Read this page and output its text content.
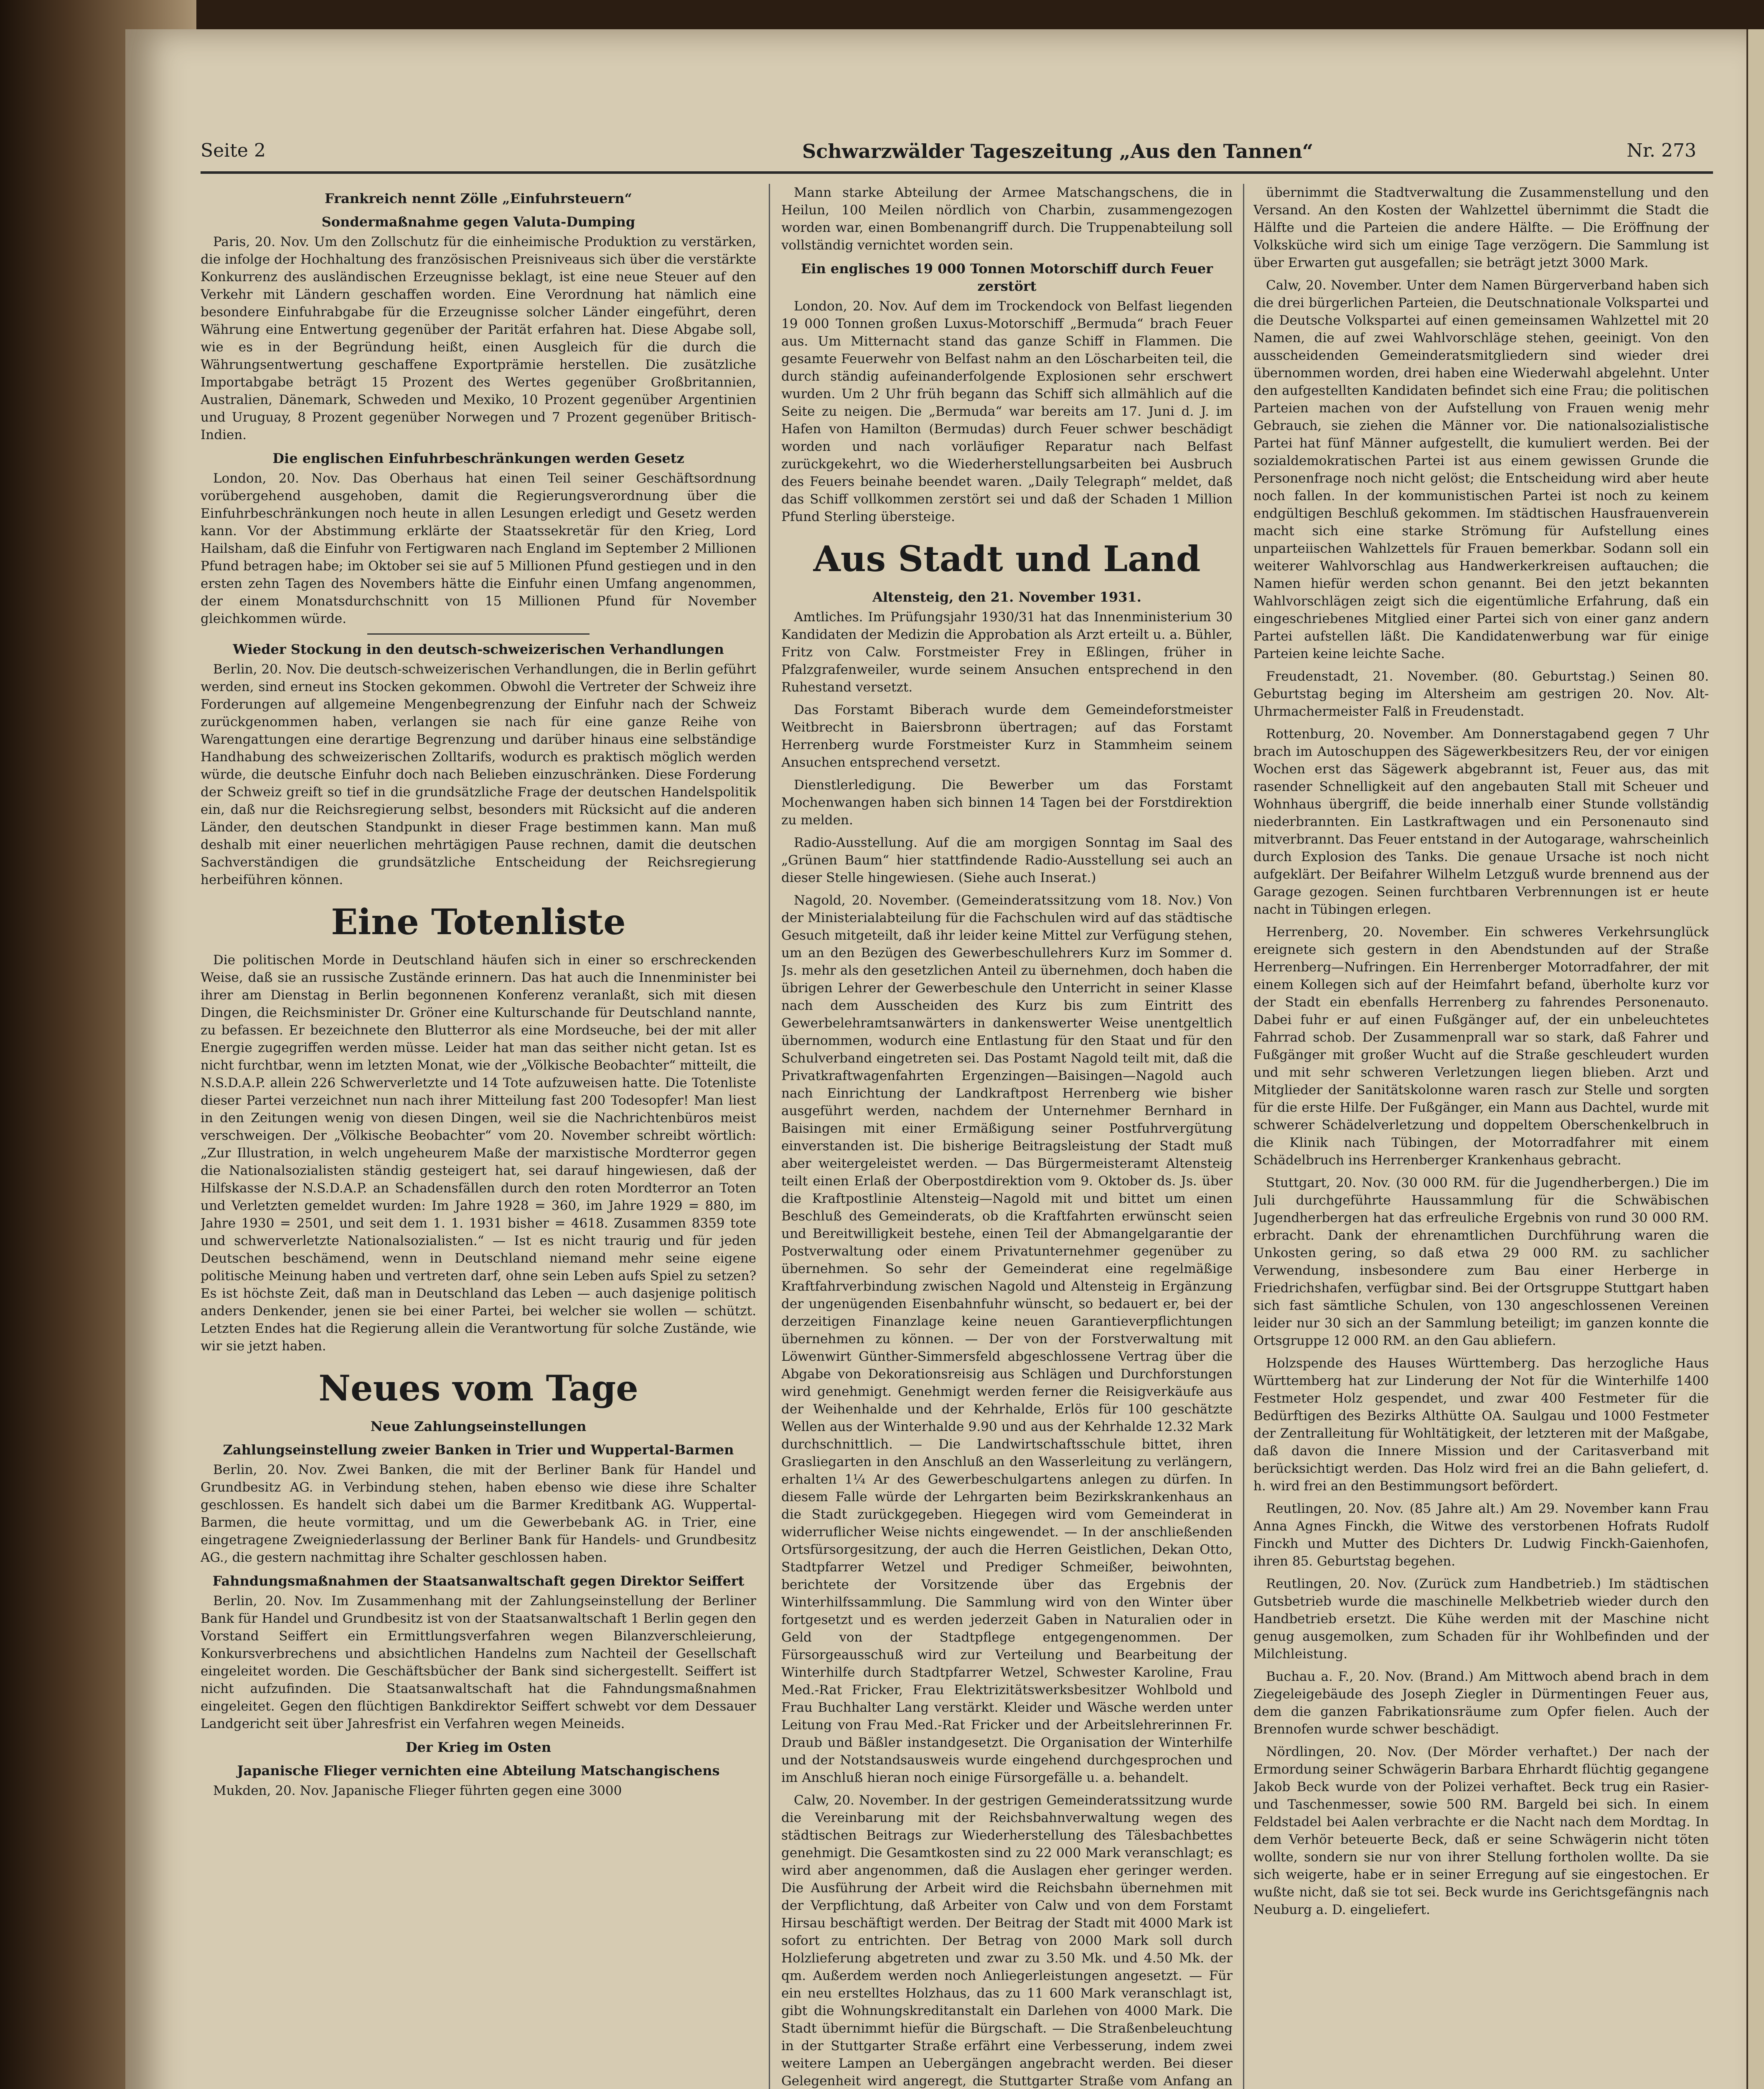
Seite 2	Schwarzwälder Tageszeitung „Aus den Tannen“	Nr. 273
Frankreich nennt Zölle „Einfuhrsteuern“
Sondermaßnahme gegen Valuta-Dumping

Paris, 20. Nov. Um den Zollschutz für die einheimische Produktion zu verstärken, die infolge der Hochhaltung des französischen Preisniveaus sich über die verstärkte Konkurrenz des ausländischen Erzeugnisse beklagt, ist eine neue Steuer auf den Verkehr mit Ländern geschaffen worden. Eine Verordnung hat nämlich eine besondere Einfuhrabgabe für die Erzeugnisse solcher Länder eingeführt, deren Währung eine Entwertung gegenüber der Parität erfahren hat. Diese Abgabe soll, wie es in der Begründung heißt, einen Ausgleich für die durch die Währungsentwertung geschaffene Exportprämie herstellen. Die zusätzliche Importabgabe beträgt 15 Prozent des Wertes gegenüber Großbritannien, Australien, Dänemark, Schweden und Mexiko, 10 Prozent gegenüber Argentinien und Uruguay, 8 Prozent gegenüber Norwegen und 7 Prozent gegenüber Britisch-Indien.

Die englischen Einfuhrbeschränkungen werden Gesetz

London, 20. Nov. Das Oberhaus hat einen Teil seiner Geschäftsordnung vorübergehend ausgehoben, damit die Regierungsverordnung über die Einfuhrbeschränkungen noch heute in allen Lesungen erledigt und Gesetz werden kann. Vor der Abstimmung erklärte der Staatssekretär für den Krieg, Lord Hailsham, daß die Einfuhr von Fertigwaren nach England im September 2 Millionen Pfund betragen habe; im Oktober sei sie auf 5 Millionen Pfund gestiegen und in den ersten zehn Tagen des Novembers hätte die Einfuhr einen Umfang angenommen, der einem Monatsdurchschnitt von 15 Millionen Pfund für November gleichkommen würde.

Wieder Stockung in den deutsch-schweizerischen Verhandlungen

Berlin, 20. Nov. Die deutsch-schweizerischen Verhandlungen, die in Berlin geführt werden, sind erneut ins Stocken gekommen. Obwohl die Vertreter der Schweiz ihre Forderungen auf allgemeine Mengenbegrenzung der Einfuhr nach der Schweiz zurückgenommen haben, verlangen sie nach für eine ganze Reihe von Warengattungen eine derartige Begrenzung und darüber hinaus eine selbständige Handhabung des schweizerischen Zolltarifs, wodurch es praktisch möglich werden würde, die deutsche Einfuhr doch nach Belieben einzuschränken. Diese Forderung der Schweiz greift so tief in die grundsätzliche Frage der deutschen Handelspolitik ein, daß nur die Reichsregierung selbst, besonders mit Rücksicht auf die anderen Länder, den deutschen Standpunkt in dieser Frage bestimmen kann. Man muß deshalb mit einer neuerlichen mehrtägigen Pause rechnen, damit die deutschen Sachverständigen die grundsätzliche Entscheidung der Reichsregierung herbeiführen können.

Eine Totenliste

Die politischen Morde in Deutschland häufen sich in einer so erschreckenden Weise, daß sie an russische Zustände erinnern. Das hat auch die Innenminister bei ihrer am Dienstag in Berlin begonnenen Konferenz veranlaßt, sich mit diesen Dingen, die Reichsminister Dr. Gröner eine Kulturschande für Deutschland nannte, zu befassen. Er bezeichnete den Blutterror als eine Mordseuche, bei der mit aller Energie zugegriffen werden müsse. Leider hat man das seither nicht getan. Ist es nicht furchtbar, wenn im letzten Monat, wie der „Völkische Beobachter“ mitteilt, die N.S.D.A.P. allein 226 Schwerverletzte und 14 Tote aufzuweisen hatte. Die Totenliste dieser Partei verzeichnet nun nach ihrer Mitteilung fast 200 Todesopfer! Man liest in den Zeitungen wenig von diesen Dingen, weil sie die Nachrichtenbüros meist verschweigen. Der „Völkische Beobachter“ vom 20. November schreibt wörtlich: „Zur Illustration, in welch ungeheurem Maße der marxistische Mordterror gegen die Nationalsozialisten ständig gesteigert hat, sei darauf hingewiesen, daß der Hilfskasse der N.S.D.A.P. an Schadensfällen durch den roten Mordterror an Toten und Verletzten gemeldet wurden: Im Jahre 1928 = 360, im Jahre 1929 = 880, im Jahre 1930 = 2501, und seit dem 1. 1. 1931 bisher = 4618. Zusammen 8359 tote und schwerverletzte Nationalsozialisten.“ — Ist es nicht traurig und für jeden Deutschen beschämend, wenn in Deutschland niemand mehr seine eigene politische Meinung haben und vertreten darf, ohne sein Leben aufs Spiel zu setzen? Es ist höchste Zeit, daß man in Deutschland das Leben — auch dasjenige politisch anders Denkender, jenen sie bei einer Partei, bei welcher sie wollen — schützt. Letzten Endes hat die Regierung allein die Verantwortung für solche Zustände, wie wir sie jetzt haben.

Neues vom Tage
Neue Zahlungseinstellungen
Zahlungseinstellung zweier Banken in Trier und Wuppertal-Barmen

Berlin, 20. Nov. Zwei Banken, die mit der Berliner Bank für Handel und Grundbesitz AG. in Verbindung stehen, haben ebenso wie diese ihre Schalter geschlossen. Es handelt sich dabei um die Barmer Kreditbank AG. Wuppertal-Barmen, die heute vormittag, und um die Gewerbebank AG. in Trier, eine eingetragene Zweigniederlassung der Berliner Bank für Handels- und Grundbesitz AG., die gestern nachmittag ihre Schalter geschlossen haben.

Fahndungsmaßnahmen der Staatsanwaltschaft gegen Direktor Seiffert

Berlin, 20. Nov. Im Zusammenhang mit der Zahlungseinstellung der Berliner Bank für Handel und Grundbesitz ist von der Staatsanwaltschaft 1 Berlin gegen den Vorstand Seiffert ein Ermittlungsverfahren wegen Bilanzverschleierung, Konkursverbrechens und absichtlichen Handelns zum Nachteil der Gesellschaft eingeleitet worden. Die Geschäftsbücher der Bank sind sichergestellt. Seiffert ist nicht aufzufinden. Die Staatsanwaltschaft hat die Fahndungsmaßnahmen eingeleitet. Gegen den flüchtigen Bankdirektor Seiffert schwebt vor dem Dessauer Landgericht seit über Jahresfrist ein Verfahren wegen Meineids.

Der Krieg im Osten
Japanische Flieger vernichten eine Abteilung Matschangischens

Mukden, 20. Nov. Japanische Flieger führten gegen eine 3000

Mann starke Abteilung der Armee Matschangschens, die in Heilun, 100 Meilen nördlich von Charbin, zusammengezogen worden war, einen Bombenangriff durch. Die Truppenabteilung soll vollständig vernichtet worden sein.

Ein englisches 19 000 Tonnen Motorschiff durch Feuer zerstört

London, 20. Nov. Auf dem im Trockendock von Belfast liegenden 19 000 Tonnen großen Luxus-Motorschiff „Bermuda“ brach Feuer aus. Um Mitternacht stand das ganze Schiff in Flammen. Die gesamte Feuerwehr von Belfast nahm an den Löscharbeiten teil, die durch ständig aufeinanderfolgende Explosionen sehr erschwert wurden. Um 2 Uhr früh begann das Schiff sich allmählich auf die Seite zu neigen. Die „Bermuda“ war bereits am 17. Juni d. J. im Hafen von Hamilton (Bermudas) durch Feuer schwer beschädigt worden und nach vorläufiger Reparatur nach Belfast zurückgekehrt, wo die Wiederherstellungsarbeiten bei Ausbruch des Feuers beinahe beendet waren. „Daily Telegraph“ meldet, daß das Schiff vollkommen zerstört sei und daß der Schaden 1 Million Pfund Sterling übersteige.

Aus Stadt und Land
Altensteig, den 21. November 1931.

Amtliches. Im Prüfungsjahr 1930/31 hat das Innenministerium 30 Kandidaten der Medizin die Approbation als Arzt erteilt u. a. Bühler, Fritz von Calw. Forstmeister Frey in Eßlingen, früher in Pfalzgrafenweiler, wurde seinem Ansuchen entsprechend in den Ruhestand versetzt.

Das Forstamt Biberach wurde dem Gemeindeforstmeister Weitbrecht in Baiersbronn übertragen; auf das Forstamt Herrenberg wurde Forstmeister Kurz in Stammheim seinem Ansuchen entsprechend versetzt.

Dienstlerledigung. Die Bewerber um das Forstamt Mochenwangen haben sich binnen 14 Tagen bei der Forstdirektion zu melden.

Radio-Ausstellung. Auf die am morgigen Sonntag im Saal des „Grünen Baum“ hier stattfindende Radio-Ausstellung sei auch an dieser Stelle hingewiesen. (Siehe auch Inserat.)

Nagold, 20. November. (Gemeinderatssitzung vom 18. Nov.) Von der Ministerialabteilung für die Fachschulen wird auf das städtische Gesuch mitgeteilt, daß ihr leider keine Mittel zur Verfügung stehen, um an den Bezügen des Gewerbeschullehrers Kurz im Sommer d. Js. mehr als den gesetzlichen Anteil zu übernehmen, doch haben die übrigen Lehrer der Gewerbeschule den Unterricht in seiner Klasse nach dem Ausscheiden des Kurz bis zum Eintritt des Gewerbelehramtsanwärters in dankenswerter Weise unentgeltlich übernommen, wodurch eine Entlastung für den Staat und für den Schulverband eingetreten sei. Das Postamt Nagold teilt mit, daß die Privatkraftwagenfahrten Ergenzingen—Baisingen—Nagold auch nach Einrichtung der Landkraftpost Herrenberg wie bisher ausgeführt werden, nachdem der Unternehmer Bernhard in Baisingen mit einer Ermäßigung seiner Postfuhrvergütung einverstanden ist. Die bisherige Beitragsleistung der Stadt muß aber weitergeleistet werden. — Das Bürgermeisteramt Altensteig teilt einen Erlaß der Oberpostdirektion vom 9. Oktober ds. Js. über die Kraftpostlinie Altensteig—Nagold mit und bittet um einen Beschluß des Gemeinderats, ob die Kraftfahrten erwünscht seien und Bereitwilligkeit bestehe, einen Teil der Abmangelgarantie der Postverwaltung oder einem Privatunternehmer gegenüber zu übernehmen. So sehr der Gemeinderat eine regelmäßige Kraftfahrverbindung zwischen Nagold und Altensteig in Ergänzung der ungenügenden Eisenbahnfuhr wünscht, so bedauert er, bei der derzeitigen Finanzlage keine neuen Garantieverpflichtungen übernehmen zu können. — Der von der Forstverwaltung mit Löwenwirt Günther-Simmersfeld abgeschlossene Vertrag über die Abgabe von Dekorationsreisig aus Schlägen und Durchforstungen wird genehmigt. Genehmigt werden ferner die Reisigverkäufe aus der Weihenhalde und der Kehrhalde, Erlös für 100 geschätzte Wellen aus der Winterhalde 9.90 und aus der Kehrhalde 12.32 Mark durchschnittlich. — Die Landwirtschaftsschule bittet, ihren Grasliegarten in den Anschluß an den Wasserleitung zu verlängern, erhalten 1¼ Ar des Gewerbeschulgartens anlegen zu dürfen. In diesem Falle würde der Lehrgarten beim Bezirkskrankenhaus an die Stadt zurückgegeben. Hiegegen wird vom Gemeinderat in widerruflicher Weise nichts eingewendet. — In der anschließenden Ortsfürsorgesitzung, der auch die Herren Geistlichen, Dekan Otto, Stadtpfarrer Wetzel und Prediger Schmeißer, beiwohnten, berichtete der Vorsitzende über das Ergebnis der Winterhilfssammlung. Die Sammlung wird von den Winter über fortgesetzt und es werden jederzeit Gaben in Naturalien oder in Geld von der Stadtpflege entgegengenommen. Der Fürsorgeausschuß wird zur Verteilung und Bearbeitung der Winterhilfe durch Stadtpfarrer Wetzel, Schwester Karoline, Frau Med.-Rat Fricker, Frau Elektrizitätswerksbesitzer Wohlbold und Frau Buchhalter Lang verstärkt. Kleider und Wäsche werden unter Leitung von Frau Med.-Rat Fricker und der Arbeitslehrerinnen Fr. Draub und Bäßler instandgesetzt. Die Organisation der Winterhilfe und der Notstandsausweis wurde eingehend durchgesprochen und im Anschluß hieran noch einige Fürsorgefälle u. a. behandelt.

Calw, 20. November. In der gestrigen Gemeinderatssitzung wurde die Vereinbarung mit der Reichsbahnverwaltung wegen des städtischen Beitrags zur Wiederherstellung des Tälesbachbettes genehmigt. Die Gesamtkosten sind zu 22 000 Mark veranschlagt; es wird aber angenommen, daß die Auslagen eher geringer werden. Die Ausführung der Arbeit wird die Reichsbahn übernehmen mit der Verpflichtung, daß Arbeiter von Calw und von dem Forstamt Hirsau beschäftigt werden. Der Beitrag der Stadt mit 4000 Mark ist sofort zu entrichten. Der Betrag von 2000 Mark soll durch Holzlieferung abgetreten und zwar zu 3.50 Mk. und 4.50 Mk. der qm. Außerdem werden noch Anliegerleistungen angesetzt. — Für ein neu erstelltes Holzhaus, das zu 11 600 Mark veranschlagt ist, gibt die Wohnungskreditanstalt ein Darlehen von 4000 Mark. Die Stadt übernimmt hiefür die Bürgschaft. — Die Straßenbeleuchtung in der Stuttgarter Straße erfährt eine Verbesserung, indem zwei weitere Lampen an Uebergängen angebracht werden. Bei dieser Gelegenheit wird angeregt, die Stuttgarter Straße vom Anfang an

übernimmt die Stadtverwaltung die Zusammenstellung und den Versand. An den Kosten der Wahlzettel übernimmt die Stadt die Hälfte und die Parteien die andere Hälfte. — Die Eröffnung der Volksküche wird sich um einige Tage verzögern. Die Sammlung ist über Erwarten gut ausgefallen; sie beträgt jetzt 3000 Mark.

Calw, 20. November. Unter dem Namen Bürgerverband haben sich die drei bürgerlichen Parteien, die Deutschnationale Volkspartei und die Deutsche Volkspartei auf einen gemeinsamen Wahlzettel mit 20 Namen, die auf zwei Wahlvorschläge stehen, geeinigt. Von den ausscheidenden Gemeinderatsmitgliedern sind wieder drei übernommen worden, drei haben eine Wiederwahl abgelehnt. Unter den aufgestellten Kandidaten befindet sich eine Frau; die politischen Parteien machen von der Aufstellung von Frauen wenig mehr Gebrauch, sie ziehen die Männer vor. Die nationalsozialistische Partei hat fünf Männer aufgestellt, die kumuliert werden. Bei der sozialdemokratischen Partei ist aus einem gewissen Grunde die Personenfrage noch nicht gelöst; die Entscheidung wird aber heute noch fallen. In der kommunistischen Partei ist noch zu keinem endgültigen Beschluß gekommen. Im städtischen Hausfrauenverein macht sich eine starke Strömung für Aufstellung eines unparteiischen Wahlzettels für Frauen bemerkbar. Sodann soll ein weiterer Wahlvorschlag aus Handwerkerkreisen auftauchen; die Namen hiefür werden schon genannt. Bei den jetzt bekannten Wahlvorschlägen zeigt sich die eigentümliche Erfahrung, daß ein eingeschriebenes Mitglied einer Partei sich von einer ganz andern Partei aufstellen läßt. Die Kandidatenwerbung war für einige Parteien keine leichte Sache.

Freudenstadt, 21. November. (80. Geburtstag.) Seinen 80. Geburtstag beging im Altersheim am gestrigen 20. Nov. Alt-Uhrmachermeister Falß in Freudenstadt.

Rottenburg, 20. November. Am Donnerstagabend gegen 7 Uhr brach im Autoschuppen des Sägewerkbesitzers Reu, der vor einigen Wochen erst das Sägewerk abgebrannt ist, Feuer aus, das mit rasender Schnelligkeit auf den angebauten Stall mit Scheuer und Wohnhaus übergriff, die beide innerhalb einer Stunde vollständig niederbrannten. Ein Lastkraftwagen und ein Personenauto sind mitverbrannt. Das Feuer entstand in der Autogarage, wahrscheinlich durch Explosion des Tanks. Die genaue Ursache ist noch nicht aufgeklärt. Der Beifahrer Wilhelm Letzguß wurde brennend aus der Garage gezogen. Seinen furchtbaren Verbrennungen ist er heute nacht in Tübingen erlegen.

Herrenberg, 20. November. Ein schweres Verkehrsunglück ereignete sich gestern in den Abendstunden auf der Straße Herrenberg—Nufringen. Ein Herrenberger Motorradfahrer, der mit einem Kollegen sich auf der Heimfahrt befand, überholte kurz vor der Stadt ein ebenfalls Herrenberg zu fahrendes Personenauto. Dabei fuhr er auf einen Fußgänger auf, der ein unbeleuchtetes Fahrrad schob. Der Zusammenprall war so stark, daß Fahrer und Fußgänger mit großer Wucht auf die Straße geschleudert wurden und mit sehr schweren Verletzungen liegen blieben. Arzt und Mitglieder der Sanitätskolonne waren rasch zur Stelle und sorgten für die erste Hilfe. Der Fußgänger, ein Mann aus Dachtel, wurde mit schwerer Schädelverletzung und doppeltem Oberschenkelbruch in die Klinik nach Tübingen, der Motorradfahrer mit einem Schädelbruch ins Herrenberger Krankenhaus gebracht.

Stuttgart, 20. Nov. (30 000 RM. für die Jugendherbergen.) Die im Juli durchgeführte Haussammlung für die Schwäbischen Jugendherbergen hat das erfreuliche Ergebnis von rund 30 000 RM. erbracht. Dank der ehrenamtlichen Durchführung waren die Unkosten gering, so daß etwa 29 000 RM. zu sachlicher Verwendung, insbesondere zum Bau einer Herberge in Friedrichshafen, verfügbar sind. Bei der Ortsgruppe Stuttgart haben sich fast sämtliche Schulen, von 130 angeschlossenen Vereinen leider nur 30 sich an der Sammlung beteiligt; im ganzen konnte die Ortsgruppe 12 000 RM. an den Gau abliefern.

Holzspende des Hauses Württemberg. Das herzogliche Haus Württemberg hat zur Linderung der Not für die Winterhilfe 1400 Festmeter Holz gespendet, und zwar 400 Festmeter für die Bedürftigen des Bezirks Althütte OA. Saulgau und 1000 Festmeter der Zentralleitung für Wohltätigkeit, der letzteren mit der Maßgabe, daß davon die Innere Mission und der Caritasverband mit berücksichtigt werden. Das Holz wird frei an die Bahn geliefert, d. h. wird frei an den Bestimmungsort befördert.

Reutlingen, 20. Nov. (85 Jahre alt.) Am 29. November kann Frau Anna Agnes Finckh, die Witwe des verstorbenen Hofrats Rudolf Finckh und Mutter des Dichters Dr. Ludwig Finckh-Gaienhofen, ihren 85. Geburtstag begehen.

Reutlingen, 20. Nov. (Zurück zum Handbetrieb.) Im städtischen Gutsbetrieb wurde die maschinelle Melkbetrieb wieder durch den Handbetrieb ersetzt. Die Kühe werden mit der Maschine nicht genug ausgemolken, zum Schaden für ihr Wohlbefinden und der Milchleistung.

Buchau a. F., 20. Nov. (Brand.) Am Mittwoch abend brach in dem Ziegeleigebäude des Joseph Ziegler in Dürmentingen Feuer aus, dem die ganzen Fabrikationsräume zum Opfer fielen. Auch der Brennofen wurde schwer beschädigt.

Nördlingen, 20. Nov. (Der Mörder verhaftet.) Der nach der Ermordung seiner Schwägerin Barbara Ehrhardt flüchtig gegangene Jakob Beck wurde von der Polizei verhaftet. Beck trug ein Rasier- und Taschenmesser, sowie 500 RM. Bargeld bei sich. In einem Feldstadel bei Aalen verbrachte er die Nacht nach dem Mordtag. In dem Verhör beteuerte Beck, daß er seine Schwägerin nicht töten wollte, sondern sie nur von ihrer Stellung fortholen wollte. Da sie sich weigerte, habe er in seiner Erregung auf sie eingestochen. Er wußte nicht, daß sie tot sei. Beck wurde ins Gerichtsgefängnis nach Neuburg a. D. eingeliefert.
